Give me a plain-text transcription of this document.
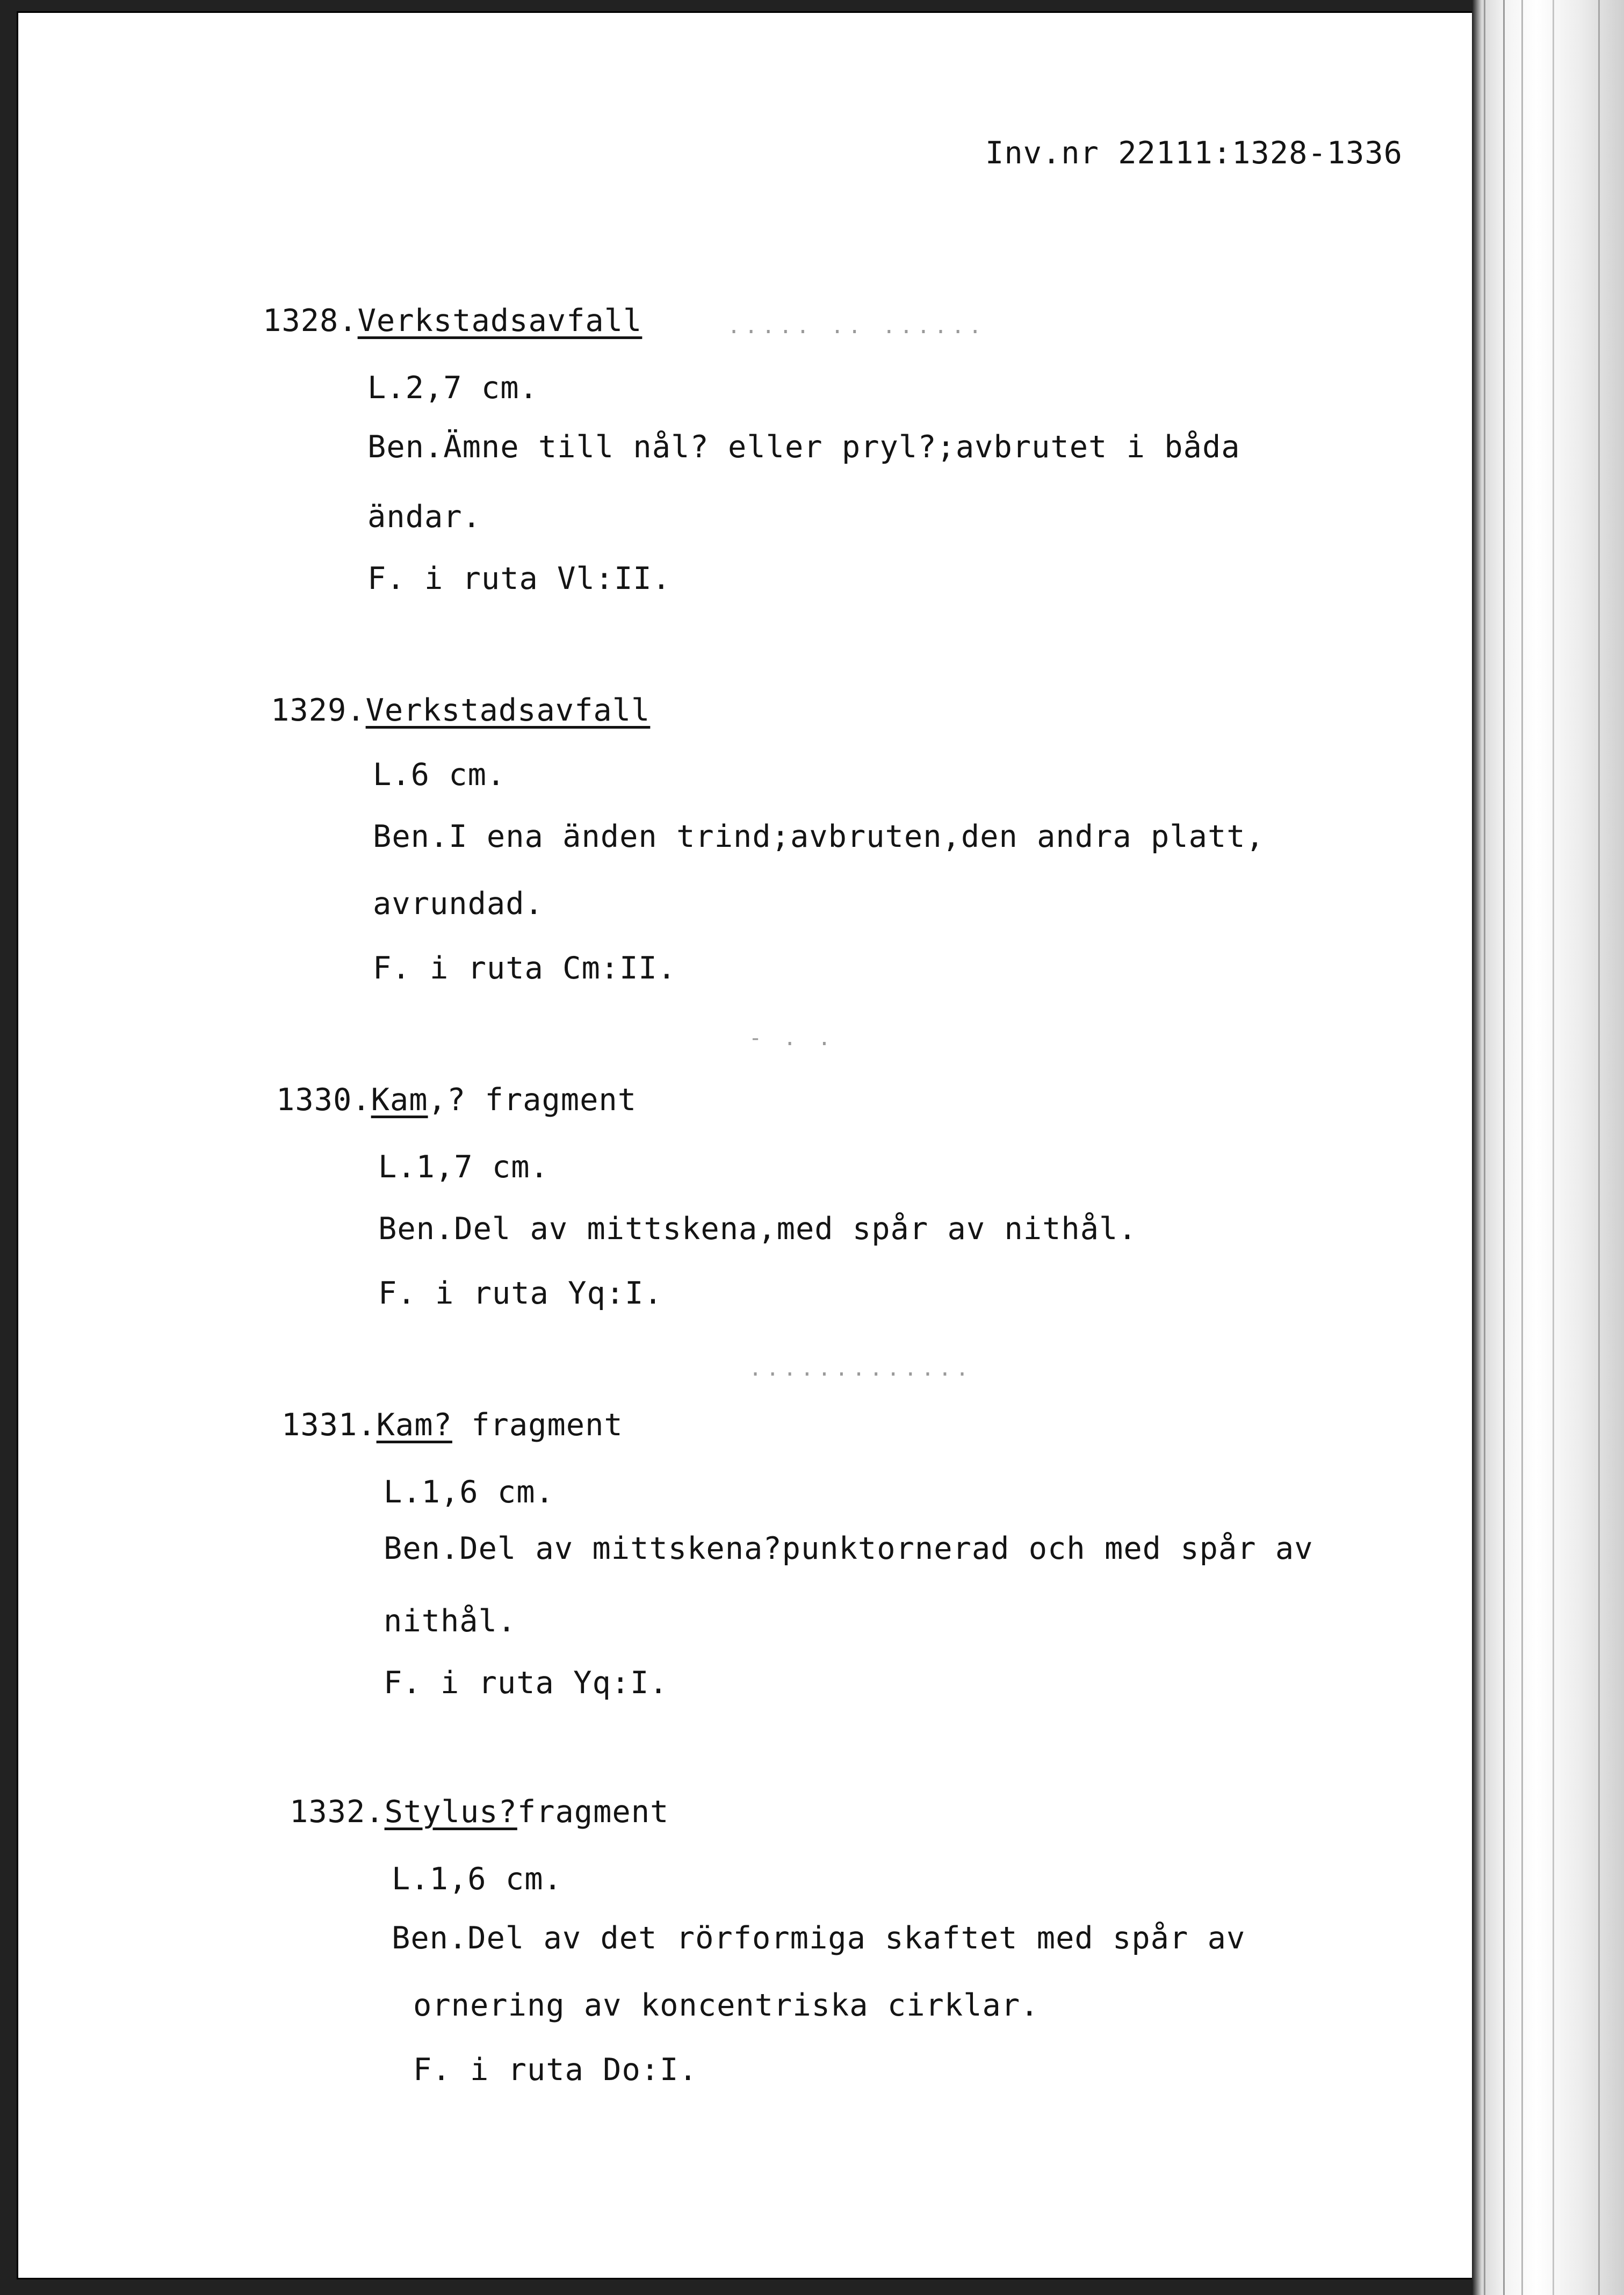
Inv.nr 22111:1328-1336
1328.Verkstadsavfall	..... .. ......
L.2,7 cm.
Ben.Ämne till nål? eller pryl?;avbrutet i båda
ändar.
F. i ruta Vl:II.
1329.Verkstadsavfall
L.6 cm.
Ben.I ena änden trind;avbruten,den andra platt,
avrundad.
F. i ruta Cm:II.
- . .
1330.Kam,? fragment
L.1,7 cm.
Ben.Del av mittskena,med spår av nithål.
F. i ruta Yq:I.
.............
1331.Kam? fragment
L.1,6 cm.
Ben.Del av mittskena?punktornerad och med spår av
nithål.
F. i ruta Yq:I.
1332.Stylus?fragment
L.1,6 cm.
Ben.Del av det rörformiga skaftet med spår av
ornering av koncentriska cirklar.
F. i ruta Do:I.
